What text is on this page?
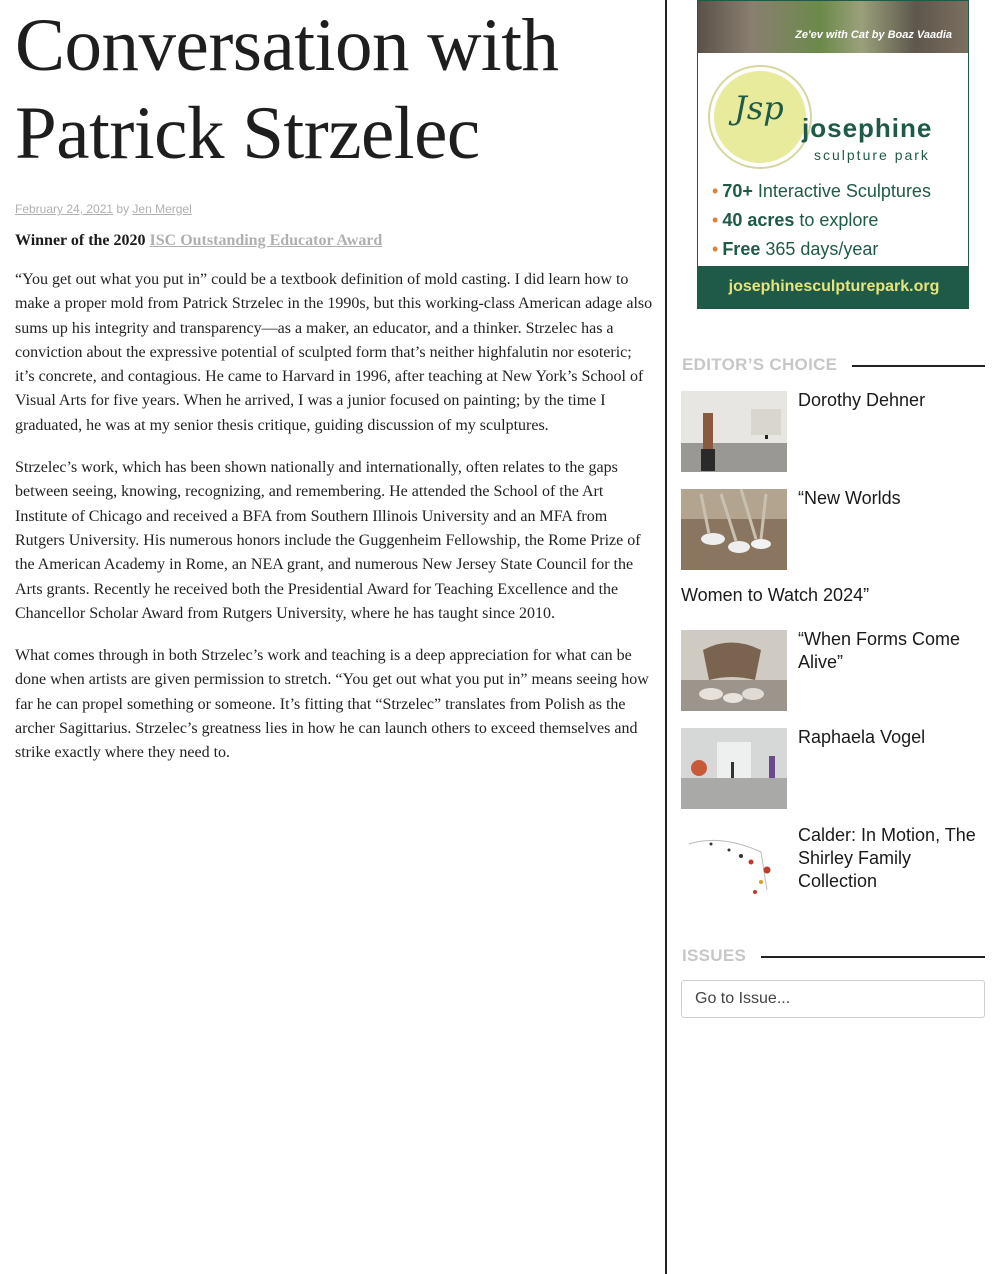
Conversation with
Patrick Strzelec
February 24, 2021 by Jen Mergel
Winner of the 2020 ISC Outstanding Educator Award

“You get out what you put in” could be a textbook definition of mold casting. I did learn how to make a proper mold from Patrick Strzelec in the 1990s, but this working-class American adage also sums up his integrity and transparency—as a maker, an educator, and a thinker. Strzelec has a conviction about the expressive potential of sculpted form that’s neither highfalutin nor esoteric; it’s concrete, and contagious. He came to Harvard in 1996, after teaching at New York’s School of Visual Arts for five years. When he arrived, I was a junior focused on painting; by the time I graduated, he was at my senior thesis critique, guiding discussion of my sculptures.

Strzelec’s work, which has been shown nationally and internationally, often relates to the gaps between seeing, knowing, recognizing, and remembering. He attended the School of the Art Institute of Chicago and received a BFA from Southern Illinois University and an MFA from Rutgers University. His numerous honors include the Guggenheim Fellowship, the Rome Prize of the American Academy in Rome, an NEA grant, and numerous New Jersey State Council for the Arts grants. Recently he received both the Presidential Award for Teaching Excellence and the Chancellor Scholar Award from Rutgers University, where he has taught since 2010.

What comes through in both Strzelec’s work and teaching is a deep appreciation for what can be done when artists are given permission to stretch. “You get out what you put in” means seeing how far he can propel something or someone. It’s fitting that “Strzelec” translates from Polish as the archer Sagittarius. Strzelec’s greatness lies in how he can launch others to exceed themselves and strike exactly where they need to.

Ze'ev with Cat by Boaz Vaadia
Jsp
josephine
sculpture park
• 70+ Interactive Sculptures
• 40 acres to explore
• Free 365 days/year
josephinesculpturepark.org
EDITOR’S CHOICE
Dorothy Dehner
“New Worlds
Women to Watch 2024”
“When Forms Come Alive”
Raphaela Vogel
Calder: In Motion, The Shirley Family Collection
ISSUES
Go to Issue...
